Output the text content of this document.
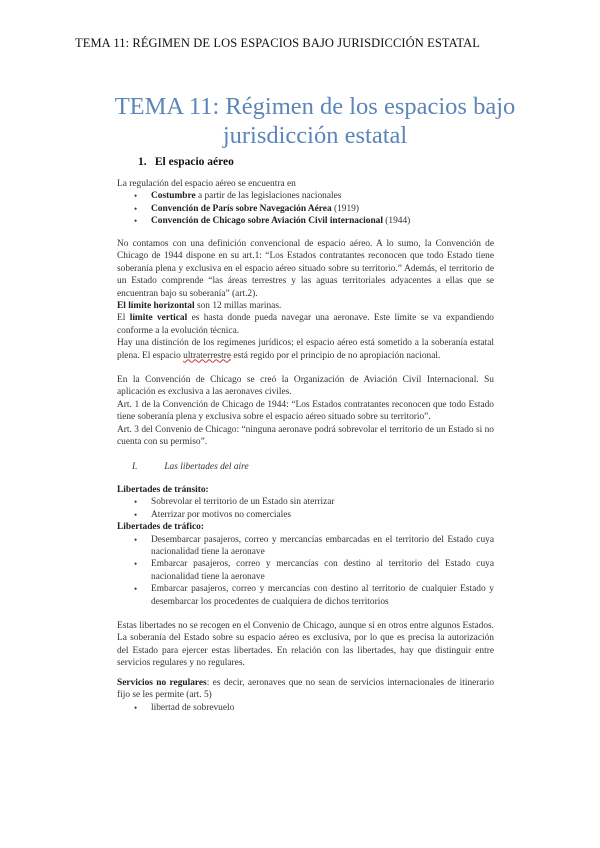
TEMA 11: RÉGIMEN DE LOS ESPACIOS BAJO JURISDICCIÓN ESTATAL
TEMA 11: Régimen de los espacios bajo
jurisdicción estatal
1. El espacio aéreo

La regulación del espacio aéreo se encuentra en

• Costumbre a partir de las legislaciones nacionales
• Convención de París sobre Navegación Aérea (1919)
• Convención de Chicago sobre Aviación Civil internacional (1944)

No contamos con una definición convencional de espacio aéreo. A lo sumo, la Convención de Chicago de 1944 dispone en su art.1: “Los Estados contratantes reconocen que todo Estado tiene soberanía plena y exclusiva en el espacio aéreo situado sobre su territorio.” Además, el territorio de un Estado comprende “las áreas terrestres y las aguas territoriales adyacentes a ellas que se encuentran bajo su soberanía” (art.2).

El límite horizontal son 12 millas marinas.

El límite vertical es hasta donde pueda navegar una aeronave. Este límite se va expandiendo conforme a la evolución técnica.

Hay una distinción de los regímenes jurídicos; el espacio aéreo está sometido a la soberanía estatal plena. El espacio ultraterrestre está regido por el principio de no apropiación nacional.

En la Convención de Chicago se creó la Organización de Aviación Civil Internacional. Su aplicación es exclusiva a las aeronaves civiles.

Art. 1 de la Convención de Chicago de 1944: “Los Estados contratantes reconocen que todo Estado tiene soberanía plena y exclusiva sobre el espacio aéreo situado sobre su territorio”.

Art. 3 del Convenio de Chicago: “ninguna aeronave podrá sobrevolar el territorio de un Estado si no cuenta con su permiso”.

I.	Las libertades del aire

Libertades de tránsito:

• Sobrevolar el territorio de un Estado sin aterrizar
• Aterrizar por motivos no comerciales

Libertades de tráfico:

• Desembarcar pasajeros, correo y mercancías embarcadas en el territorio del Estado cuya nacionalidad tiene la aeronave
• Embarcar pasajeros, correo y mercancías con destino al territorio del Estado cuya nacionalidad tiene la aeronave
• Embarcar pasajeros, correo y mercancías con destino al territorio de cualquier Estado y desembarcar los procedentes de cualquiera de dichos territorios

Estas libertades no se recogen en el Convenio de Chicago, aunque sí en otros entre algunos Estados. La soberanía del Estado sobre su espacio aéreo es exclusiva, por lo que es precisa la autorización del Estado para ejercer estas libertades. En relación con las libertades, hay que distinguir entre servicios regulares y no regulares.

Servicios no regulares: es decir, aeronaves que no sean de servicios internacionales de itinerario fijo se les permite (art. 5)

• libertad de sobrevuelo
